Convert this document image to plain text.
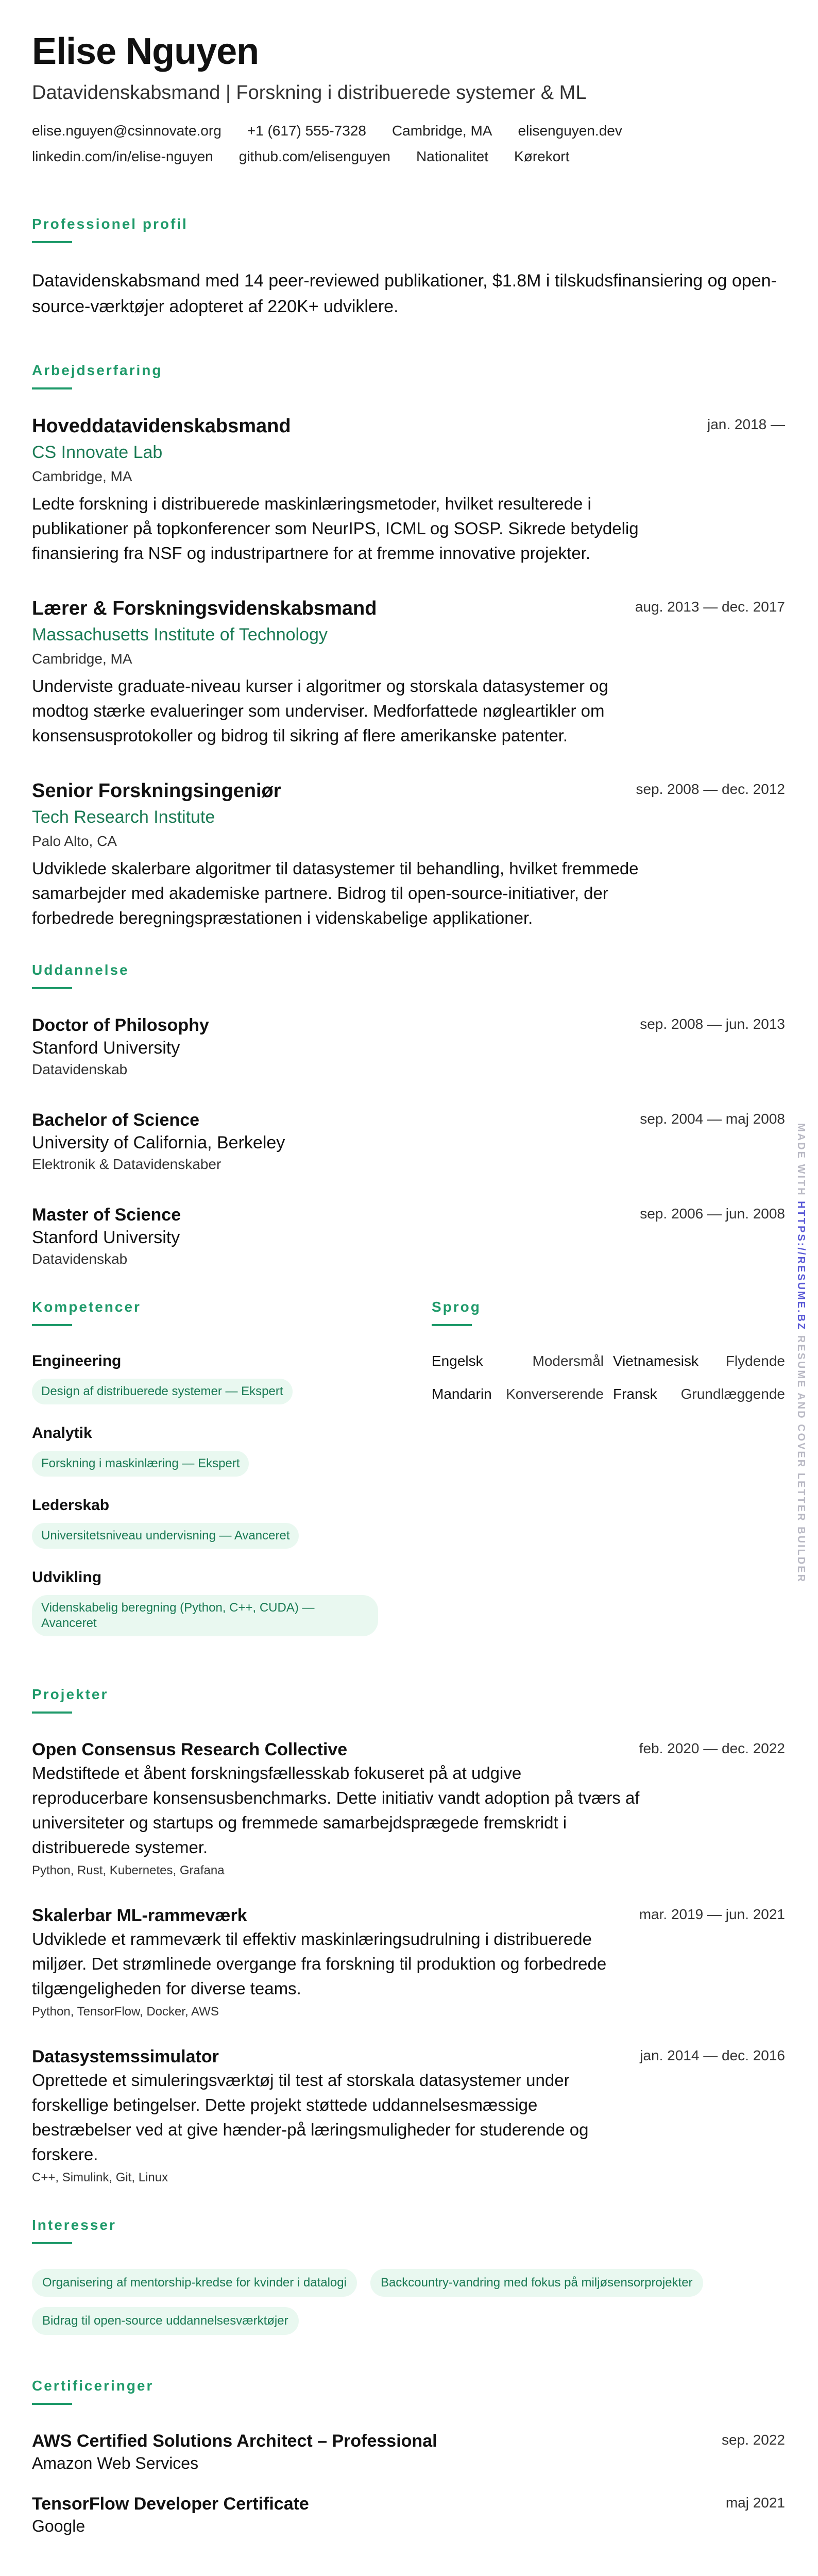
Elise Nguyen
Datavidenskabsmand | Forskning i distribuerede systemer & ML
elise.nguyen@csinnovate.org +1 (617) 555-7328 Cambridge, MA elisenguyen.dev
linkedin.com/in/elise-nguyen github.com/elisenguyen Nationalitet Kørekort
Professionel profil
Datavidenskabsmand med 14 peer-reviewed publikationer, $1.8M i tilskudsfinansiering og open-source-værktøjer adopteret af 220K+ udviklere.
Arbejdserfaring
Hoveddatavidenskabsmand	jan. 2018 —
CS Innovate Lab
Cambridge, MA
Ledte forskning i distribuerede maskinlæringsmetoder, hvilket resulterede i publikationer på topkonferencer som NeurIPS, ICML og SOSP. Sikrede betydelig finansiering fra NSF og industripartnere for at fremme innovative projekter.
Lærer & Forskningsvidenskabsmand	aug. 2013 — dec. 2017
Massachusetts Institute of Technology
Cambridge, MA
Underviste graduate-niveau kurser i algoritmer og storskala datasystemer og modtog stærke evalueringer som underviser. Medforfattede nøgleartikler om konsensusprotokoller og bidrog til sikring af flere amerikanske patenter.
Senior Forskningsingeniør	sep. 2008 — dec. 2012
Tech Research Institute
Palo Alto, CA
Udviklede skalerbare algoritmer til datasystemer til behandling, hvilket fremmede samarbejder med akademiske partnere. Bidrog til open-source-initiativer, der forbedrede beregningspræstationen i videnskabelige applikationer.
Uddannelse
Doctor of Philosophy	sep. 2008 — jun. 2013
Stanford University
Datavidenskab
Bachelor of Science	sep. 2004 — maj 2008
University of California, Berkeley
Elektronik & Datavidenskaber
Master of Science	sep. 2006 — jun. 2008
Stanford University
Datavidenskab
Kompetencer
Engineering
Design af distribuerede systemer — Ekspert
Analytik
Forskning i maskinlæring — Ekspert
Lederskab
Universitetsniveau undervisning — Avanceret
Udvikling
Videnskabelig beregning (Python, C++, CUDA) — Avanceret
Sprog
Engelsk	Modersmål Vietnamesisk Flydende
Mandarin Konverserende Fransk Grundlæggende
Projekter
Open Consensus Research Collective	feb. 2020 — dec. 2022
Medstiftede et åbent forskningsfællesskab fokuseret på at udgive reproducerbare konsensusbenchmarks. Dette initiativ vandt adoption på tværs af universiteter og startups og fremmede samarbejdsprægede fremskridt i distribuerede systemer.
Python, Rust, Kubernetes, Grafana
Skalerbar ML-rammeværk	mar. 2019 — jun. 2021
Udviklede et rammeværk til effektiv maskinlæringsudrulning i distribuerede miljøer. Det strømlinede overgange fra forskning til produktion og forbedrede tilgængeligheden for diverse teams.
Python, TensorFlow, Docker, AWS
Datasystemssimulator	jan. 2014 — dec. 2016
Oprettede et simuleringsværktøj til test af storskala datasystemer under forskellige betingelser. Dette projekt støttede uddannelsesmæssige bestræbelser ved at give hænder-på læringsmuligheder for studerende og forskere.
C++, Simulink, Git, Linux
Interesser
Organisering af mentorship-kredse for kvinder i datalogi	Backcountry-vandring med fokus på miljøsensorprojekter
Bidrag til open-source uddannelsesværktøjer
Certificeringer
AWS Certified Solutions Architect – Professional	sep. 2022
Amazon Web Services
TensorFlow Developer Certificate	maj 2021
Google
MADE WITH HTTPS://RESUME.BZ RESUME AND COVER LETTER BUILDER
